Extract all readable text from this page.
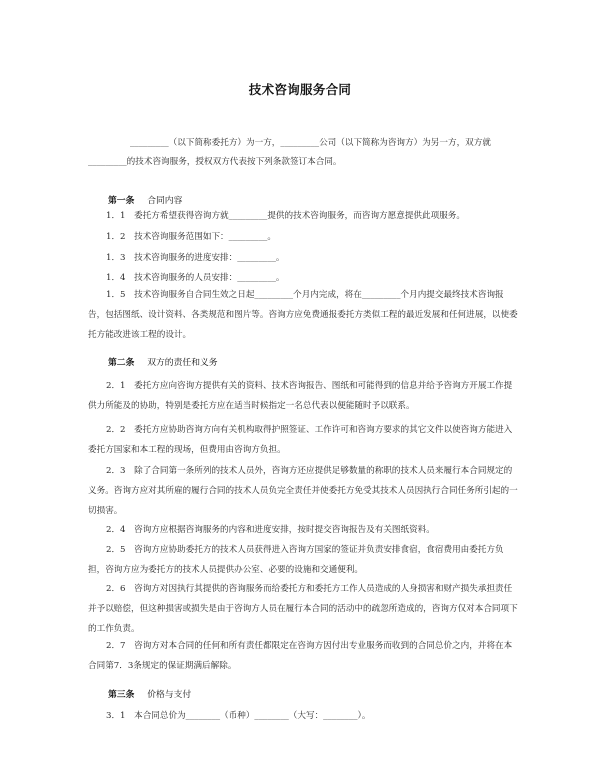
技术咨询服务合同
_________（以下简称委托方）为一方，_________公司（以下简称为咨询方）为另一方，双方就_________的技术咨询服务，授权双方代表按下列条款签订本合同。
第一条 合同内容
1．1　委托方希望获得咨询方就_________提供的技术咨询服务，而咨询方愿意提供此项服务。
1．2　技术咨询服务范围如下：_________。
1．3　技术咨询服务的进度安排：_________。
1．4　技术咨询服务的人员安排：_________。
1．5　技术咨询服务自合同生效之日起_________个月内完成，将在_________个月内提交最终技术咨询报告，包括图纸、设计资料、各类规范和图片等。咨询方应免费通报委托方类似工程的最近发展和任何进展，以使委托方能改进该工程的设计。
第二条 双方的责任和义务
2．1　委托方应向咨询方提供有关的资料、技术咨询报告、图纸和可能得到的信息并给予咨询方开展工作提供力所能及的协助，特别是委托方应在适当时候指定一名总代表以便能随时予以联系。
2．2　委托方应协助咨询方向有关机构取得护照签证、工作许可和咨询方要求的其它文件以使咨询方能进入委托方国家和本工程的现场，但费用由咨询方负担。
2．3　除了合同第一条所列的技术人员外，咨询方还应提供足够数量的称职的技术人员来履行本合同规定的义务。咨询方应对其所雇的履行合同的技术人员负完全责任并使委托方免受其技术人员因执行合同任务所引起的一切损害。
2．4　咨询方应根据咨询服务的内容和进度安排，按时提交咨询报告及有关图纸资料。
2．5　咨询方应协助委托方的技术人员获得进入咨询方国家的签证并负责安排食宿，食宿费用由委托方负担，咨询方应为委托方的技术人员提供办公室、必要的设施和交通便利。
2．6　咨询方对因执行其提供的咨询服务而给委托方和委托方工作人员造成的人身损害和财产损失承担责任并予以赔偿，但这种损害或损失是由于咨询方人员在履行本合同的活动中的疏忽所造成的，咨询方仅对本合同项下的工作负责。
2．7　咨询方对本合同的任何和所有责任都限定在咨询方因付出专业服务而收到的合同总价之内，并将在本合同第7．3条规定的保证期满后解除。
第三条 价格与支付
3．1　本合同总价为________（币种）________（大写：________）。
